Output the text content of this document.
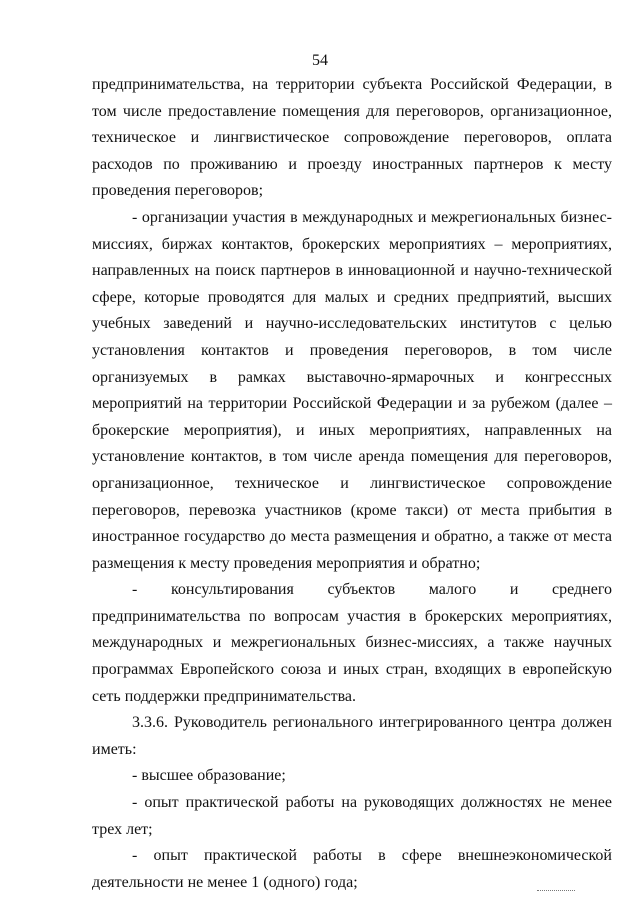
54

предпринимательства, на территории субъекта Российской Федерации, в том числе предоставление помещения для переговоров, организационное, техническое и лингвистическое сопровождение переговоров, оплата расходов по проживанию и проезду иностранных партнеров к месту проведения переговоров;

- организации участия в международных и межрегиональных бизнес-миссиях, биржах контактов, брокерских мероприятиях – мероприятиях, направленных на поиск партнеров в инновационной и научно-технической сфере, которые проводятся для малых и средних предприятий, высших учебных заведений и научно-исследовательских институтов с целью установления контактов и проведения переговоров, в том числе организуемых в рамках выставочно-ярмарочных и конгрессных мероприятий на территории Российской Федерации и за рубежом (далее – брокерские мероприятия), и иных мероприятиях, направленных на установление контактов, в том числе аренда помещения для переговоров, организационное, техническое и лингвистическое сопровождение переговоров, перевозка участников (кроме такси) от места прибытия в иностранное государство до места размещения и обратно, а также от места размещения к месту проведения мероприятия и обратно;

- консультирования субъектов малого и среднего предпринимательства по вопросам участия в брокерских мероприятиях, международных и межрегиональных бизнес-миссиях, а также научных программах Европейского союза и иных стран, входящих в европейскую сеть поддержки предпринимательства.

3.3.6. Руководитель регионального интегрированного центра должен иметь:

- высшее образование;

- опыт практической работы на руководящих должностях не менее трех лет;

- опыт практической работы в сфере внешнеэкономической деятельности не менее 1 (одного) года;
